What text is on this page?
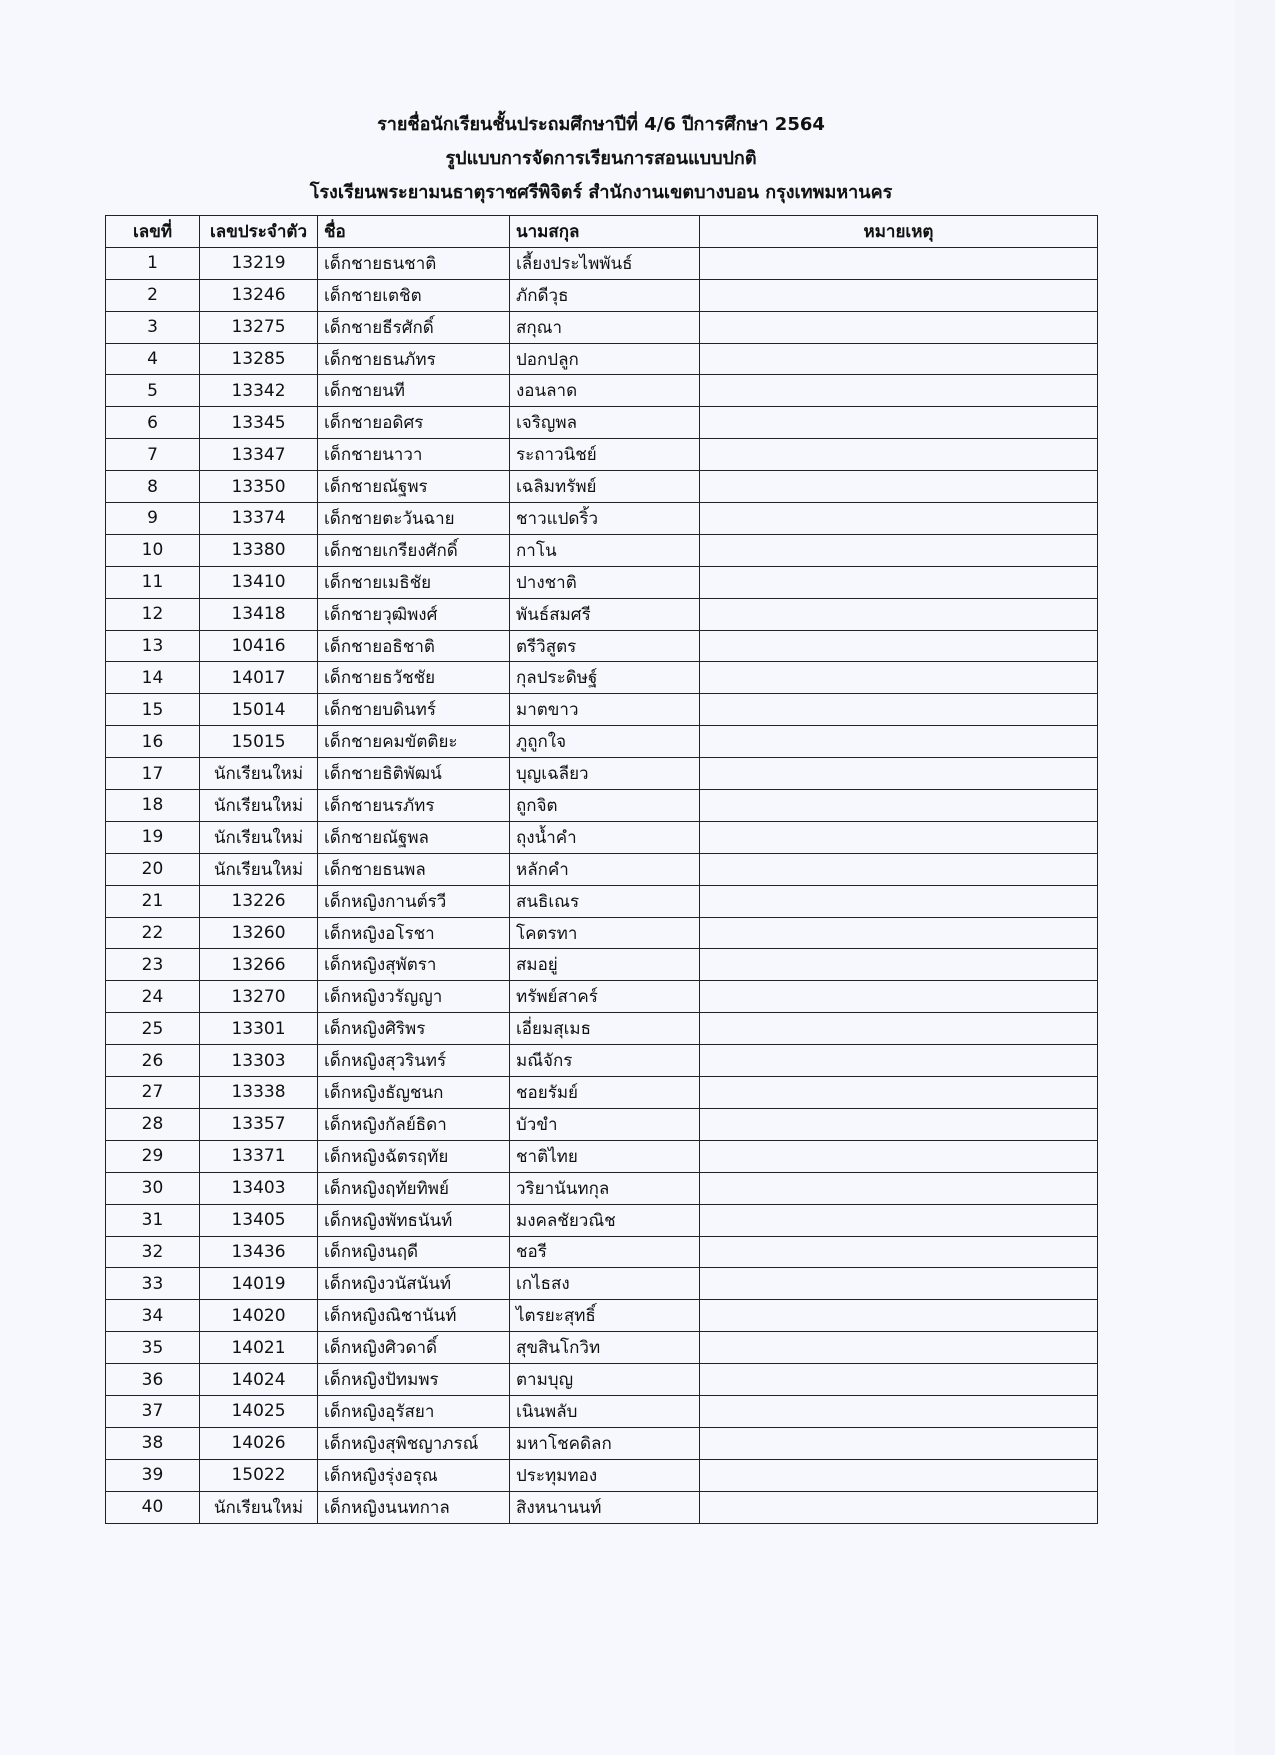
รายชื่อนักเรียนชั้นประถมศึกษาปีที่ 4/6 ปีการศึกษา 2564
รูปแบบการจัดการเรียนการสอนแบบปกติ
โรงเรียนพระยามนธาตุราชศรีพิจิตร์ สำนักงานเขตบางบอน กรุงเทพมหานคร
เลขที่	เลขประจำตัว	ชื่อ	นามสกุล	หมายเหตุ
1	13219	เด็กชายธนชาติ	เลี้ยงประไพพันธ์	
2	13246	เด็กชายเตชิต	ภักดีวุธ	
3	13275	เด็กชายธีรศักดิ์	สกุณา	
4	13285	เด็กชายธนภัทร	ปอกปลูก	
5	13342	เด็กชายนที	งอนลาด	
6	13345	เด็กชายอดิศร	เจริญพล	
7	13347	เด็กชายนาวา	ระถาวนิชย์	
8	13350	เด็กชายณัฐพร	เฉลิมทรัพย์	
9	13374	เด็กชายตะวันฉาย	ชาวแปดริ้ว	
10	13380	เด็กชายเกรียงศักดิ์	กาโน	
11	13410	เด็กชายเมธิชัย	ปางชาติ	
12	13418	เด็กชายวุฒิพงศ์	พันธ์สมศรี	
13	10416	เด็กชายอธิชาติ	ตรีวิสูตร	
14	14017	เด็กชายธวัชชัย	กุลประดิษฐ์	
15	15014	เด็กชายบดินทร์	มาตขาว	
16	15015	เด็กชายคมขัตติยะ	ภูถูกใจ	
17	นักเรียนใหม่	เด็กชายธิติพัฒน์	บุญเฉลียว	
18	นักเรียนใหม่	เด็กชายนรภัทร	ถูกจิต	
19	นักเรียนใหม่	เด็กชายณัฐพล	ถุงน้ำคำ	
20	นักเรียนใหม่	เด็กชายธนพล	หลักคำ	
21	13226	เด็กหญิงกานต์รวี	สนธิเณร	
22	13260	เด็กหญิงอโรชา	โคตรทา	
23	13266	เด็กหญิงสุพัตรา	สมอยู่	
24	13270	เด็กหญิงวรัญญา	ทรัพย์สาคร์	
25	13301	เด็กหญิงศิริพร	เอี่ยมสุเมธ	
26	13303	เด็กหญิงสุวรินทร์	มณีจักร	
27	13338	เด็กหญิงธัญชนก	ชอยรัมย์	
28	13357	เด็กหญิงกัลย์ธิดา	บัวขำ	
29	13371	เด็กหญิงฉัตรฤทัย	ชาติไทย	
30	13403	เด็กหญิงฤทัยทิพย์	วริยานันทกุล	
31	13405	เด็กหญิงพัทธนันท์	มงคลชัยวณิช	
32	13436	เด็กหญิงนฤดี	ชอรี	
33	14019	เด็กหญิงวนัสนันท์	เกไธสง	
34	14020	เด็กหญิงณิชานันท์	ไตรยะสุทธิ์	
35	14021	เด็กหญิงศิวดาดิ์	สุขสินโกวิท	
36	14024	เด็กหญิงปัทมพร	ตามบุญ	
37	14025	เด็กหญิงอุรัสยา	เนินพลับ	
38	14026	เด็กหญิงสุพิชญาภรณ์	มหาโชคดิลก	
39	15022	เด็กหญิงรุ่งอรุณ	ประทุมทอง	
40	นักเรียนใหม่	เด็กหญิงนนทกาล	สิงหนานนท์	
